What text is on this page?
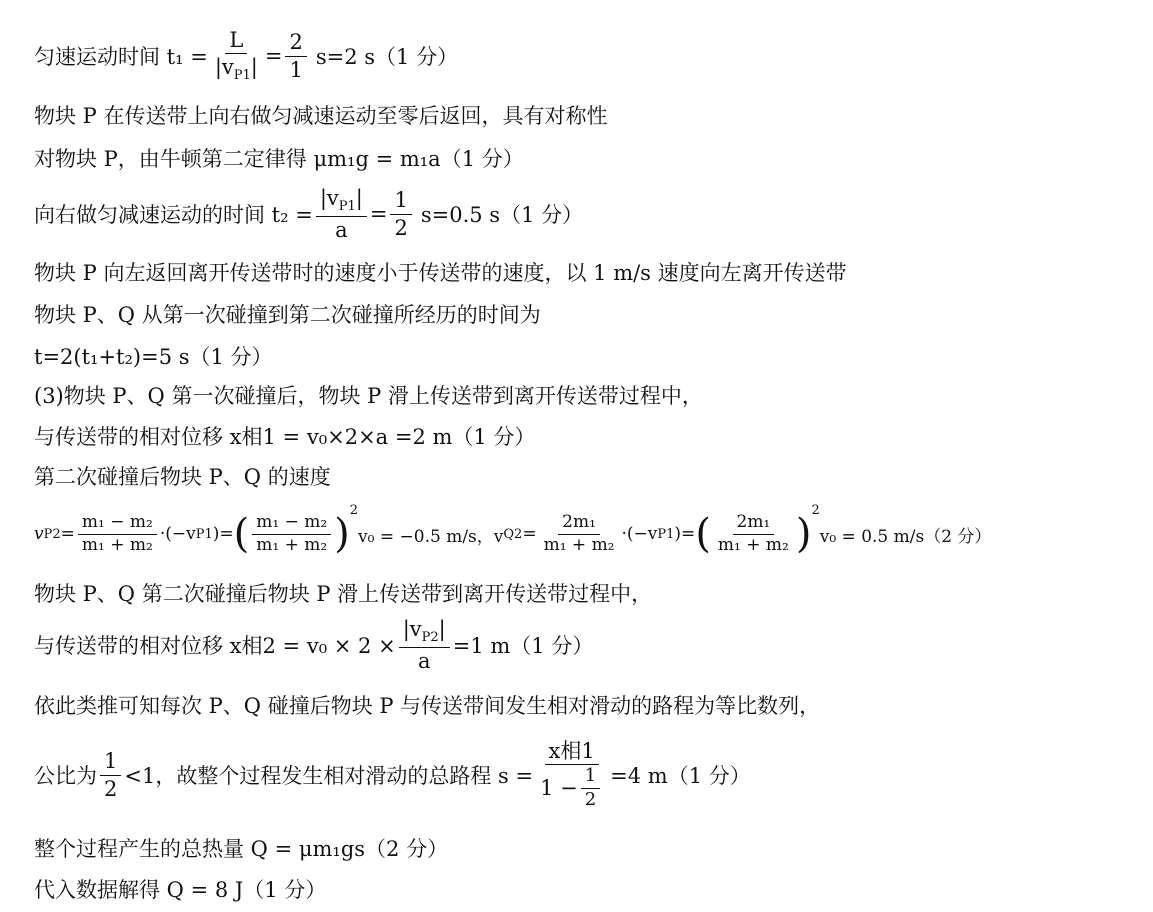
匀速运动时间 $t_1 = \frac{L}{|v_{P1}|} = \frac{2}{1} s=2$ s（1 分）
物块 P 在传送带上向右做匀减速运动至零后返回，具有对称性
对物块 P，由牛顿第二定律得 μm₁g = m₁a（1 分）
向右做匀减速运动的时间 $t_2 = \frac{|v_{P1}|}{a} = \frac{1}{2} s=0.5$ s（1 分）
物块 P 向左返回离开传送带时的速度小于传送带的速度，以 1 m/s 速度向左离开传送带
物块 P、Q 从第一次碰撞到第二次碰撞所经历的时间为
t=2(t₁+t₂)=5 s（1 分）
(3)物块 P、Q 第一次碰撞后，物块 P 滑上传送带到离开传送带过程中，
与传送带的相对位移 x相1 = v₀×2×a =2 m（1 分）
第二次碰撞后物块 P、Q 的速度
v $P2 = \frac{\text{m₁ − m₂}}{\text{m₁ + m₂}} \cdot(-v$ P1 )= ( $\frac{\text{m₁ − m₂}}{\text{m₁ + m₂}}$ )
$^2$
v₀ = −0.5 m/s，v $Q2 = \frac{\text{2m₁}}{\text{m₁ + m₂}} \cdot(-v$ P1 )= ( $\frac{\text{2m₁}}{\text{m₁ + m₂}}$ )
$^2$
v₀ = 0.5 m/s（2 分）
物块 P、Q 第二次碰撞后物块 P 滑上传送带到离开传送带过程中，
与传送带的相对位移 x相$2 = v_0 \times 2 \times \frac{|v_{P2}|}{a} =1$ m（1 分）
依此类推可知每次 P、Q 碰撞后物块 P 与传送带间发生相对滑动的路程为等比数列，
公比为 $\frac{1}{2} <1$，故整个过程发生相对滑动的总路程 $s = \frac{\text{x相1}}{1 - \frac{1}{2}} =4$ m（1 分）
整个过程产生的总热量 Q = μm₁gs（2 分）
代入数据解得 Q = 8 J（1 分）
